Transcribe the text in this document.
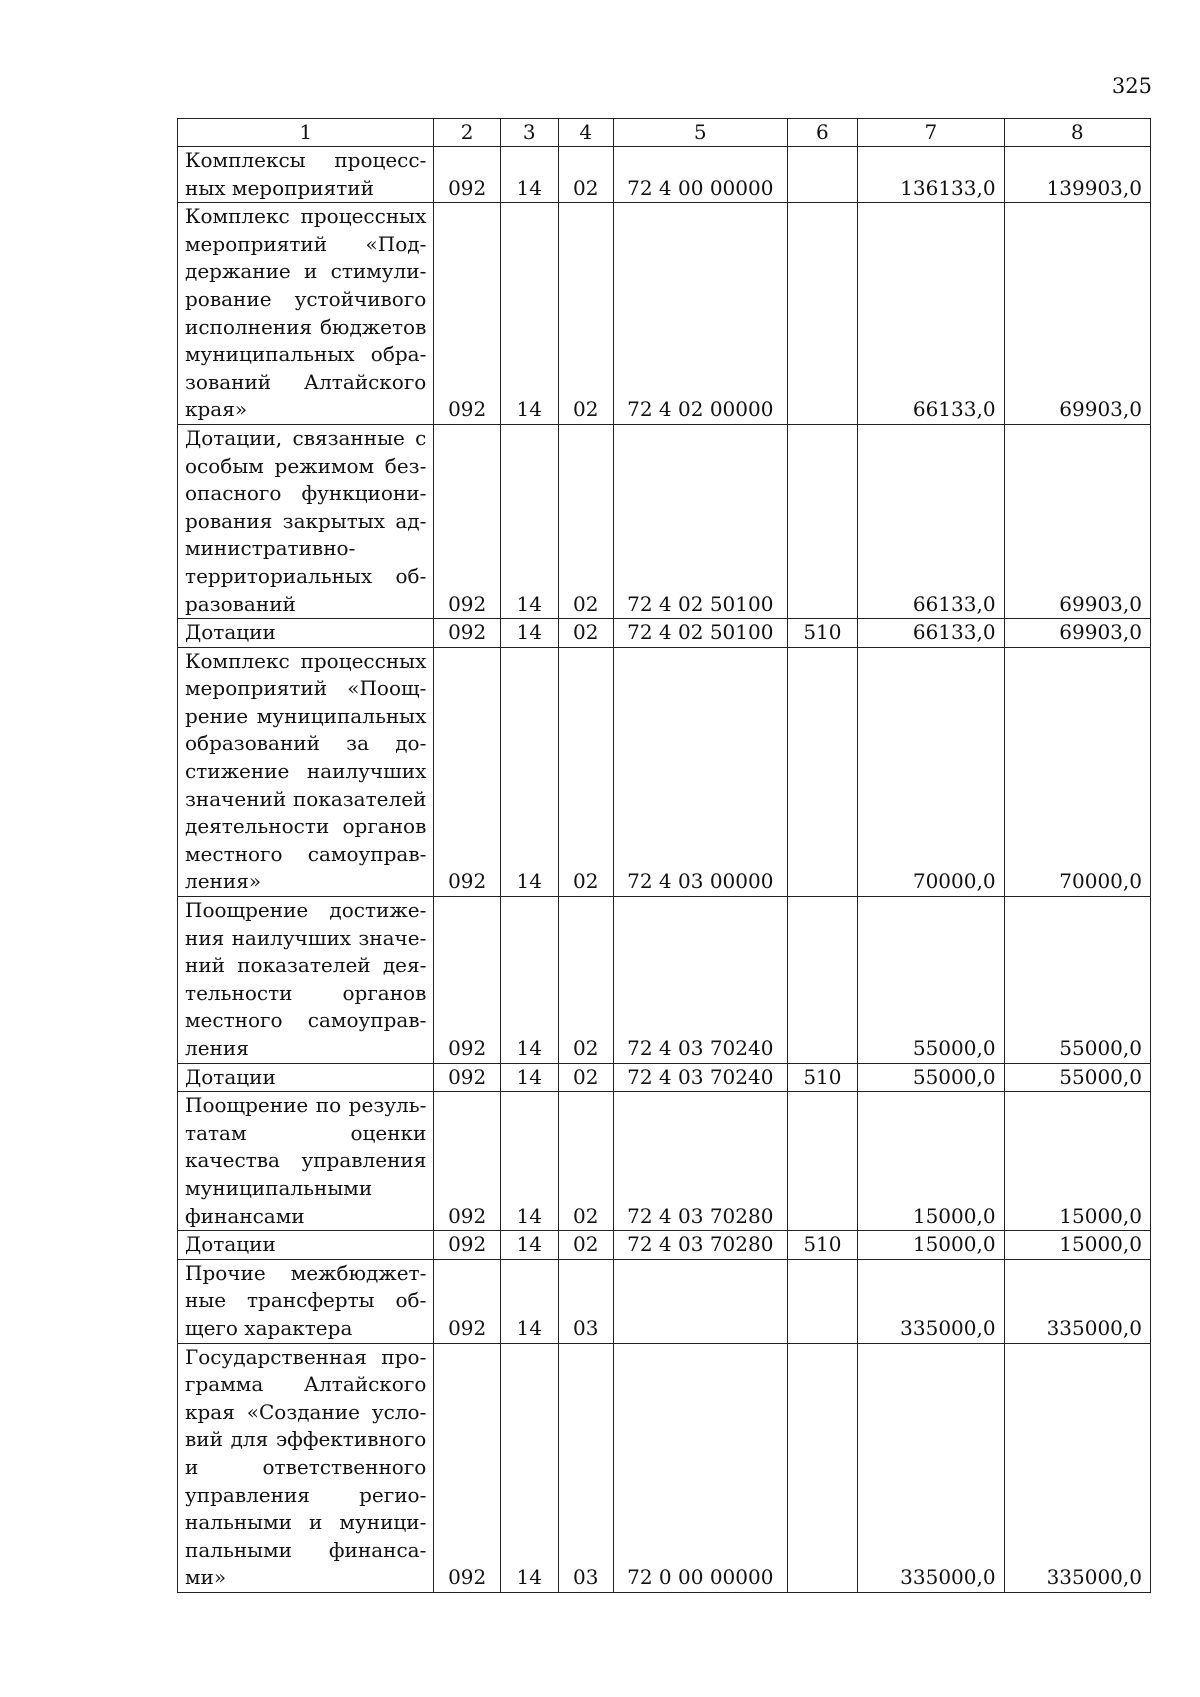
325
1	2	3	4	5	6	7	8
Комплексы процессных мероприятий	092	14	02	72 4 00 00000		136133,0	139903,0
Комплекс процессных мероприятий «Поддержание и стимулирование устойчивого исполнения бюджетов муниципальных образований Алтайского края»	092	14	02	72 4 02 00000		66133,0	69903,0
Дотации, связанные с особым режимом безопасного функционирования закрытых административно-территориальных образований	092	14	02	72 4 02 50100		66133,0	69903,0
Дотации	092	14	02	72 4 02 50100	510	66133,0	69903,0
Комплекс процессных мероприятий «Поощрение муниципальных образований за достижение наилучших значений показателей деятельности органов местного самоуправления»	092	14	02	72 4 03 00000		70000,0	70000,0
Поощрение достижения наилучших значений показателей деятельности органов местного самоуправления	092	14	02	72 4 03 70240		55000,0	55000,0
Дотации	092	14	02	72 4 03 70240	510	55000,0	55000,0
Поощрение по результатам оценки качества управления муниципальными финансами	092	14	02	72 4 03 70280		15000,0	15000,0
Дотации	092	14	02	72 4 03 70280	510	15000,0	15000,0
Прочие межбюджетные трансферты общего характера	092	14	03			335000,0	335000,0
Государственная программа Алтайского края «Создание условий для эффективного и ответственного управления региональными и муниципальными финансами»	092	14	03	72 0 00 00000		335000,0	335000,0
